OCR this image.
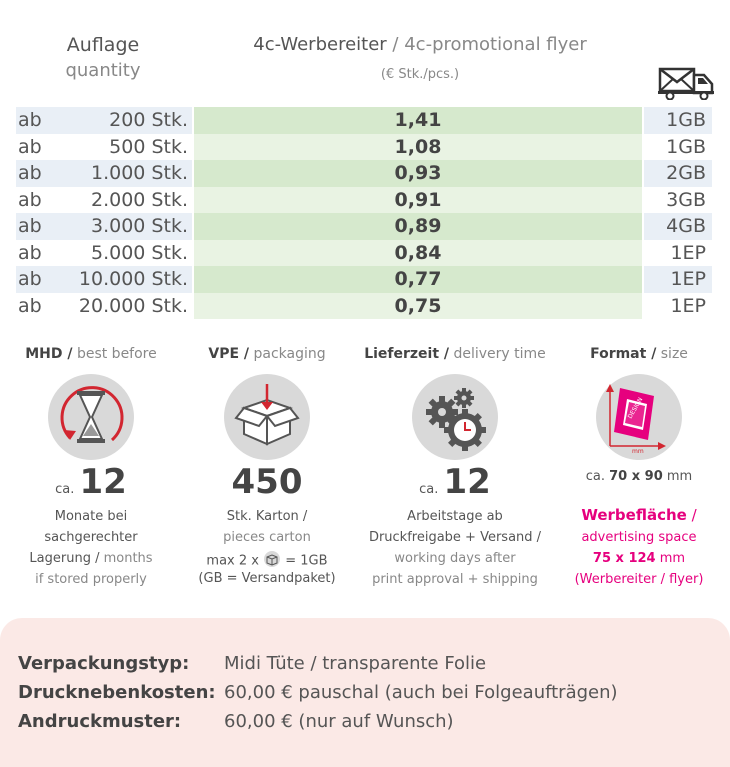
Auflage
quantity
4c-Werbereiter / 4c-promotional flyer
(€ Stk./pcs.)
ab	200 Stk.	1,41	1GB
ab	500 Stk.	1,08	1GB
ab	1.000 Stk.	0,93	2GB
ab	2.000 Stk.	0,91	3GB
ab	3.000 Stk.	0,89	4GB
ab	5.000 Stk.	0,84	1EP
ab	10.000 Stk.	0,77	1EP
ab	20.000 Stk.	0,75	1EP
MHD / best before
ca. 12
Monate bei
sachgerechter
Lagerung / months
if stored properly
VPE / packaging
450
Stk. Karton /
pieces carton
max 2 x = 1GB
(GB = Versandpaket)
Lieferzeit / delivery time
ca. 12
Arbeitstage ab
Druckfreigabe + Versand /
working days after
print approval + shipping
Format / size
DESIGN
mm
ca. 70 x 90 mm
Werbefläche /
advertising space
75 x 124 mm
(Werbereiter / flyer)
Verpackungstyp: Midi Tüte / transparente Folie
Drucknebenkosten: 60,00 € pauschal (auch bei Folgeaufträgen)
Andruckmuster: 60,00 € (nur auf Wunsch)
